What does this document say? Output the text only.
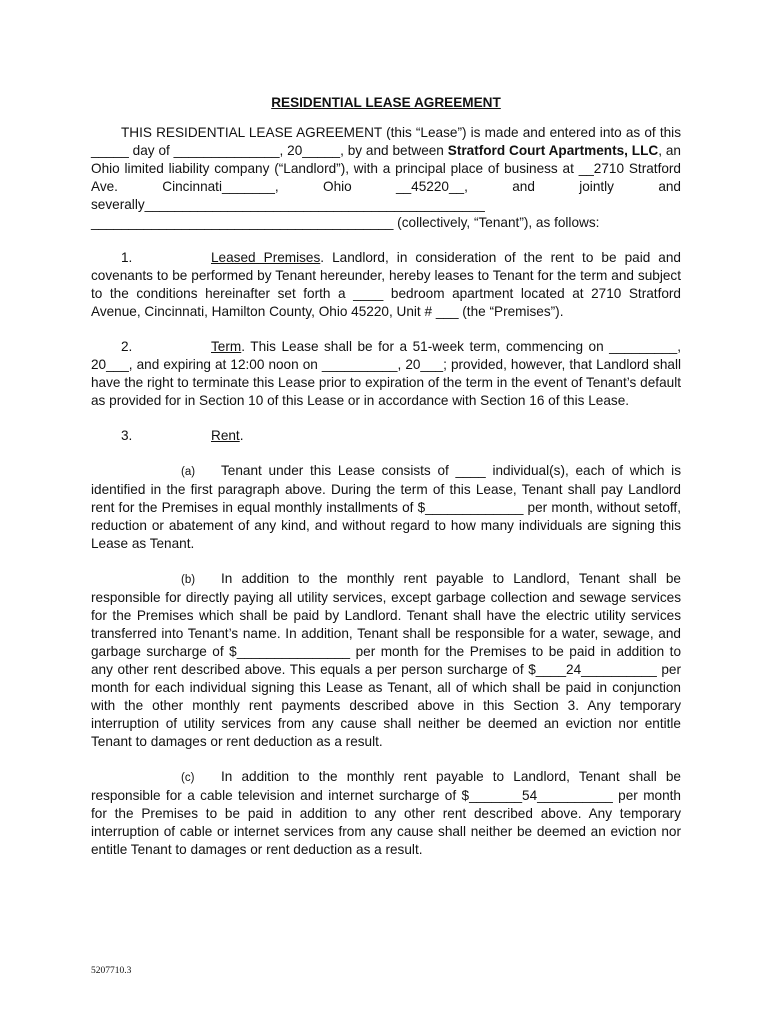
RESIDENTIAL LEASE AGREEMENT

THIS RESIDENTIAL LEASE AGREEMENT (this “Lease”) is made and entered into as of this _____ day of ______________, 20_____, by and between Stratford Court Apartments, LLC, an Ohio limited liability company (“Landlord”), with a principal place of business at __2710 Stratford Ave. Cincinnati_______, Ohio __45220__, and jointly and severally_____________________________________________ ________________________________________ (collectively, “Tenant”), as follows:

1.	Leased Premises. Landlord, in consideration of the rent to be paid and covenants to be performed by Tenant hereunder, hereby leases to Tenant for the term and subject to the conditions hereinafter set forth a ____ bedroom apartment located at 2710 Stratford Avenue, Cincinnati, Hamilton County, Ohio 45220, Unit # ___ (the “Premises”).

2.	Term. This Lease shall be for a 51-week term, commencing on _________, 20___, and expiring at 12:00 noon on __________, 20___; provided, however, that Landlord shall have the right to terminate this Lease prior to expiration of the term in the event of Tenant’s default as provided for in Section 10 of this Lease or in accordance with Section 16 of this Lease.

3.	Rent.

(a) Tenant under this Lease consists of ____ individual(s), each of which is identified in the first paragraph above. During the term of this Lease, Tenant shall pay Landlord rent for the Premises in equal monthly installments of $_____________ per month, without setoff, reduction or abatement of any kind, and without regard to how many individuals are signing this Lease as Tenant.

(b) In addition to the monthly rent payable to Landlord, Tenant shall be responsible for directly paying all utility services, except garbage collection and sewage services for the Premises which shall be paid by Landlord. Tenant shall have the electric utility services transferred into Tenant’s name. In addition, Tenant shall be responsible for a water, sewage, and garbage surcharge of $_______________ per month for the Premises to be paid in addition to any other rent described above. This equals a per person surcharge of $____24__________ per month for each individual signing this Lease as Tenant, all of which shall be paid in conjunction with the other monthly rent payments described above in this Section 3. Any temporary interruption of utility services from any cause shall neither be deemed an eviction nor entitle Tenant to damages or rent deduction as a result.

(c) In addition to the monthly rent payable to Landlord, Tenant shall be responsible for a cable television and internet surcharge of $_______54__________ per month for the Premises to be paid in addition to any other rent described above. Any temporary interruption of cable or internet services from any cause shall neither be deemed an eviction nor entitle Tenant to damages or rent deduction as a result.

5207710.3
